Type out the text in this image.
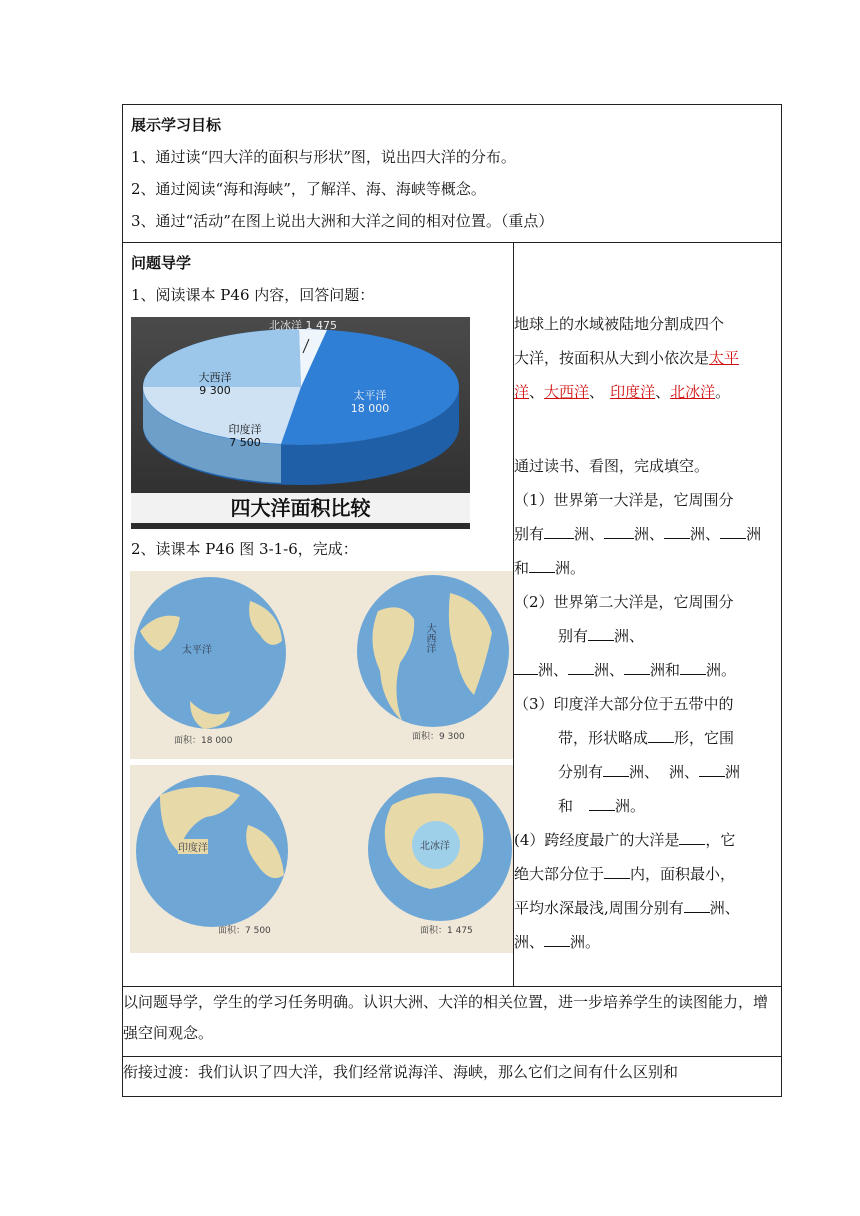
展示学习目标
1、通过读“四大洋的面积与形状”图，说出四大洋的分布。
2、通过阅读“海和海峡”，了解洋、海、海峡等概念。
3、通过“活动”在图上说出大洲和大洋之间的相对位置。（重点）

问题导学
1、阅读课本 P46 内容，回答问题：
北冰洋 1 475
大西洋
9 300
印度洋
7 500
太平洋
18 000
四大洋面积比较
2、读课本 P46 图 3-1-6，完成：
面积：18 000	面积：9 300
太平洋	大西洋
面积：7 500	面积：1 475
印度洋	北冰洋

地球上的水域被陆地分割成四个

大洋，按面积从大到小依次是太平

洋、大西洋、 印度洋、北冰洋。

通过读书、看图，完成填空。

（1）世界第一大洋是，它周围分

别有 洲、 洲、 洲、 洲

和 洲。

（2）世界第二大洋是，它周围分

别有 洲、

洲、 洲、 洲和 洲。

（3）印度洋大部分位于五带中的

带，形状略成 形，它围

分别有 洲、 洲、 洲

和	洲。

(4）跨经度最广的大洋是 ，它

绝大部分位于 内，面积最小，

平均水深最浅,周围分别有 洲、

洲、 洲。

以问题导学，学生的学习任务明确。认识大洲、大洋的相关位置，进一步培养学生的读图能力，增强空间观念。
衔接过渡：我们认识了四大洋，我们经常说海洋、海峡，那么它们之间有什么区别和
